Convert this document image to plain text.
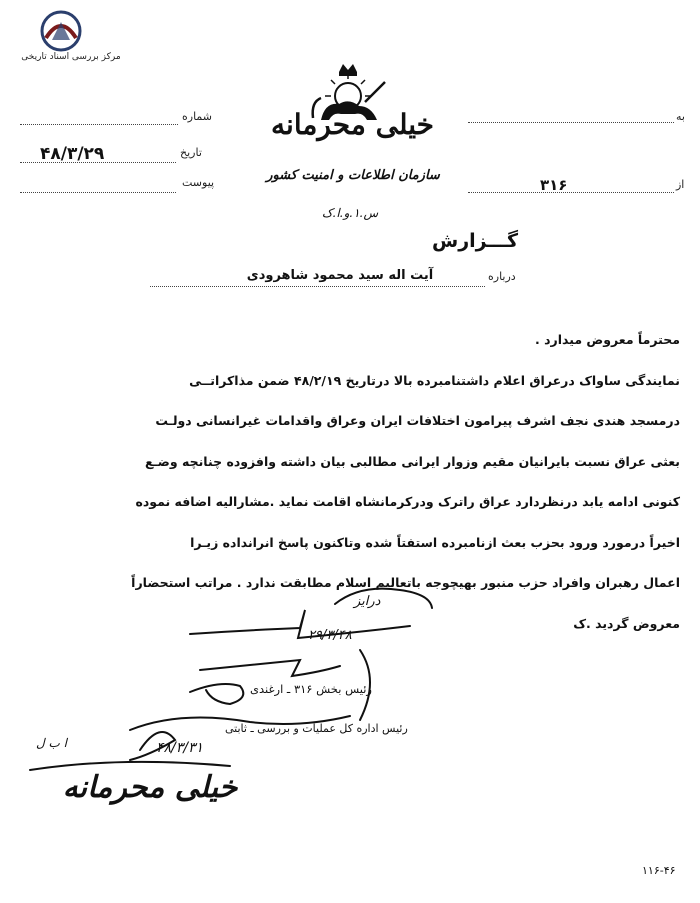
مرکز بررسی اسناد تاریخی
خیلی محرمانه
سازمان اطلاعات و امنیت کشور
س.۱.و.ا.ک
شماره
تاریخ
۴۸/۳/۲۹
پیوست
به
از
۳۱۶
گـــزارش
درباره
آیت اله سید محمود شاهرودی

محترماً معروض میدارد .

نمایندگی ساواک درعراق اعلام داشتنامبرده بالا درتاریخ ۴۸/۲/۱۹ ضمن مذاکراتــی

درمسجد هندی نجف اشرف پیرامون اختلافات ایران وعراق واقدامات غیرانسانی دولـت

بعثی عراق نسبت بایرانیان مقیم وزوار ایرانی مطالبی بیان داشته وافزوده چنانچه وضـع

کنونی ادامه یابد درنظردارد عراق راترک ودرکرمانشاه اقامت نماید .مشارالیه اضافه نموده

اخیراً درمورد ورود بحزب بعث ازنامبرده استفتاً شده وتاکنون پاسخ انرانداده زیـرا

اعمال رهبران وافراد حزب منبور بهیچوجه باتعالیم اسلام مطابقت ندارد . مراتب استحضاراً

معروض گردید .ک

درایز
۲۹/۳/۴۸
رئیس بخش ۳۱۶ ـ ارغندی
رئیس اداره کل عملیات و بررسی ـ ثابتی
ا ب ل	۴۸/۳/۳۱
خیلی محرمانه
۱۱۶-۴۶
